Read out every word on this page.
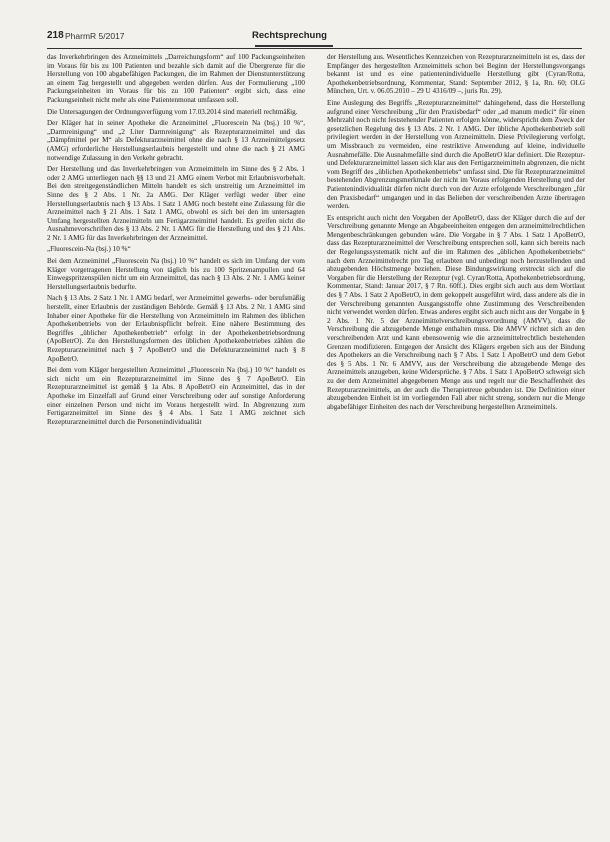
218 PharmR 5/2017	Rechtsprechung

das Inverkehrbringen des Arzneimittels „Darreichungsform“ auf 100 Packungseinheiten im Voraus für bis zu 100 Patienten und bezahle sich damit auf die Übergrenze für die Herstellung von 100 abgabefähigen Packungen, die im Rahmen der Dienstunterstützung an einem Tag hergestellt und abgegeben werden dürfen. Aus der Formulierung „100 Packungseinheiten im Voraus für bis zu 100 Patienten“ ergibt sich, dass eine Packungseinheit nicht mehr als eine Patientenmonat umfassen soll.

Die Untersagungen der Ordnungsverfügung vom 17.03.2014 sind materiell rechtmäßig.

Der Kläger hat in seiner Apotheke die Arzneimittel „Fluorescein Na (bsj.) 10 %“, „Darmreinigung“ und „2 Liter Darmreinigung“ als Rezepturarzneimittel und das „Dämpfmittel per M“ als Defekturarzneimittel ohne die nach § 13 Arzneimittelgesetz (AMG) erforderliche Herstellungserlaubnis hergestellt und ohne die nach § 21 AMG notwendige Zulassung in den Verkehr gebracht.

Der Herstellung und das Inverkehrbringen von Arzneimitteln im Sinne des § 2 Abs. 1 oder 2 AMG unterliegen nach §§ 13 und 21 AMG einem Verbot mit Erlaubnisvorbehalt. Bei den streitgegenständlichen Mitteln handelt es sich unstreitig um Arzneimittel im Sinne des § 2 Abs. 1 Nr. 2a AMG. Der Kläger verfügt weder über eine Herstellungserlaubnis nach § 13 Abs. 1 Satz 1 AMG noch besteht eine Zulassung für die Arzneimittel nach § 21 Abs. 1 Satz 1 AMG, obwohl es sich bei den im untersagten Umfang hergestellten Arzneimitteln um Fertigarzneimittel handelt. Es greifen nicht die Ausnahmevorschriften des § 13 Abs. 2 Nr. 1 AMG für die Herstellung und des § 21 Abs. 2 Nr. 1 AMG für das Inverkehrbringen der Arzneimittel.

„Fluorescein-Na (bsj.) 10 %“

Bei dem Arzneimittel „Fluorescein Na (bsj.) 10 %“ handelt es sich im Umfang der vom Kläger vorgetragenen Herstellung von täglich bis zu 100 Spritzenampullen und 64 Einwegspritzenspülen nicht um ein Arzneimittel, das nach § 13 Abs. 2 Nr. 1 AMG keiner Herstellungserlaubnis bedurfte.

Nach § 13 Abs. 2 Satz 1 Nr. 1 AMG bedarf, wer Arzneimittel gewerbs- oder berufsmäßig herstellt, einer Erlaubnis der zuständigen Behörde. Gemäß § 13 Abs. 2 Nr. 1 AMG sind Inhaber einer Apotheke für die Herstellung von Arzneimitteln im Rahmen des üblichen Apothekenbetriebs von der Erlaubnispflicht befreit. Eine nähere Bestimmung des Begriffes „üblicher Apothekenbetrieb“ erfolgt in der Apothekenbetriebsordnung (ApoBetrO). Zu den Herstellungsformen des üblichen Apothekenbetriebes zählen die Rezepturarzneimittel nach § 7 ApoBetrO und die Defekturarzneimittel nach § 8 ApoBetrO.

Bei dem vom Kläger hergestellten Arzneimittel „Fluorescein Na (bsj.) 10 %“ handelt es sich nicht um ein Rezepturarzneimittel im Sinne des § 7 ApoBetrO. Ein Rezepturarzneimittel ist gemäß § 1a Abs. 8 ApoBetrO ein Arzneimittel, das in der Apotheke im Einzelfall auf Grund einer Verschreibung oder auf sonstige Anforderung einer einzelnen Person und nicht im Voraus hergestellt wird. In Abgrenzung zum Fertigarzneimittel im Sinne des § 4 Abs. 1 Satz 1 AMG zeichnet sich Rezepturarzneimittel durch die Personenindividualität

der Herstellung aus. Wesentliches Kennzeichen von Rezepturarzneimitteln ist es, dass der Empfänger des hergestellten Arzneimittels schon bei Beginn der Herstellungsvorgangs bekannt ist und es eine patientenindividuelle Herstellung gibt (Cyran/Rotta, Apothekenbetriebsordnung, Kommentar, Stand: September 2012, § 1a, Rn. 60; OLG München, Urt. v. 06.05.2010 – 29 U 4316/09 –, juris Rn. 29).

Eine Auslegung des Begriffs „Rezepturarzneimittel“ dahingehend, dass die Herstellung aufgrund einer Verschreibung „für den Praxisbedarf“ oder „ad manum medici“ für einen Mehrzahl noch nicht feststehender Patienten erfolgen könne, widerspricht dem Zweck der gesetzlichen Regelung des § 13 Abs. 2 Nr. 1 AMG. Der übliche Apothekenbetrieb soll privilegiert werden in der Herstellung von Arzneimitteln. Diese Privilegierung verfolgt, um Missbrauch zu vermeiden, eine restriktive Anwendung auf kleine, individuelle Ausnahmefälle. Die Ausnahmefälle sind durch die ApoBetrO klar definiert. Die Rezeptur- und Defekturarzneimittel lassen sich klar aus den Fertigarzneimitteln abgrenzen, die nicht vom Begriff des „üblichen Apothekenbetriebs“ umfasst sind. Die für Rezepturarzneimittel bestehenden Abgrenzungsmerkmale der nicht im Voraus erfolgenden Herstellung und der Patientenindividualität dürfen nicht durch von der Arzte erfolgende Verschreibungen „für den Praxisbedarf“ umgangen und in das Belieben der verschreibenden Arzte übertragen werden.

Es entspricht auch nicht den Vorgaben der ApoBetrO, dass der Kläger durch die auf der Verschreibung genannte Menge an Abgabeeinheiten entgegen den arzneimittelrechtlichen Mengenbeschränkungen gebunden wäre. Die Vorgabe in § 7 Abs. 1 Satz 1 ApoBetrO, dass das Rezepturarzneimittel der Verschreibung entsprechen soll, kann sich bereits nach der Regelungssystematik nicht auf die im Rahmen des „üblichen Apothekenbetriebs“ nach dem Arzneimittelrecht pro Tag erlaubten und unbedingt noch herzustellenden und abzugebenden Höchstmenge beziehen. Diese Bindungswirkung erstreckt sich auf die Vorgaben für die Herstellung der Rezeptur (vgl. Cyran/Rotta, Apothekenbetriebsordnung, Kommentar, Stand: Januar 2017, § 7 Rn. 60ff.). Dies ergibt sich auch aus dem Wortlaut des § 7 Abs. 1 Satz 2 ApoBetrO, in dem gekoppelt ausgeführt wird, dass andere als die in der Verschreibung genannten Ausgangsstoffe ohne Zustimmung des Verschreibenden nicht verwendet werden dürfen. Etwas anderes ergibt sich auch nicht aus der Vorgabe in § 2 Abs. 1 Nr. 5 der Arzneimittelverschreibungsverordnung (AMVV), dass die Verschreibung die abzugebende Menge enthalten muss. Die AMVV richtet sich an den verschreibenden Arzt und kann ebensowenig wie die arzneimittelrechtlich bestehenden Grenzen modifizieren. Entgegen der Ansicht des Klägers ergeben sich aus der Bindung des Apothekers an die Verschreibung nach § 7 Abs. 1 Satz 1 ApoBetrO und dem Gebot des § 5 Abs. 1 Nr. 6 AMVV, aus der Verschreibung die abzugebende Menge des Arzneimittels anzugeben, keine Widersprüche. § 7 Abs. 1 Satz 1 ApoBetrO schweigt sich zu der dem Arzneimittel abgegebenen Menge aus und regelt nur die Beschaffenheit des Rezepturarzneimittels, an der auch die Therapietreue gebunden ist. Die Definition einer abzugebenden Einheit ist im vorliegenden Fall aber nicht streng, sondern nur die Menge abgabefähiger Einheiten des nach der Verschreibung hergestellten Arzneimittels.
